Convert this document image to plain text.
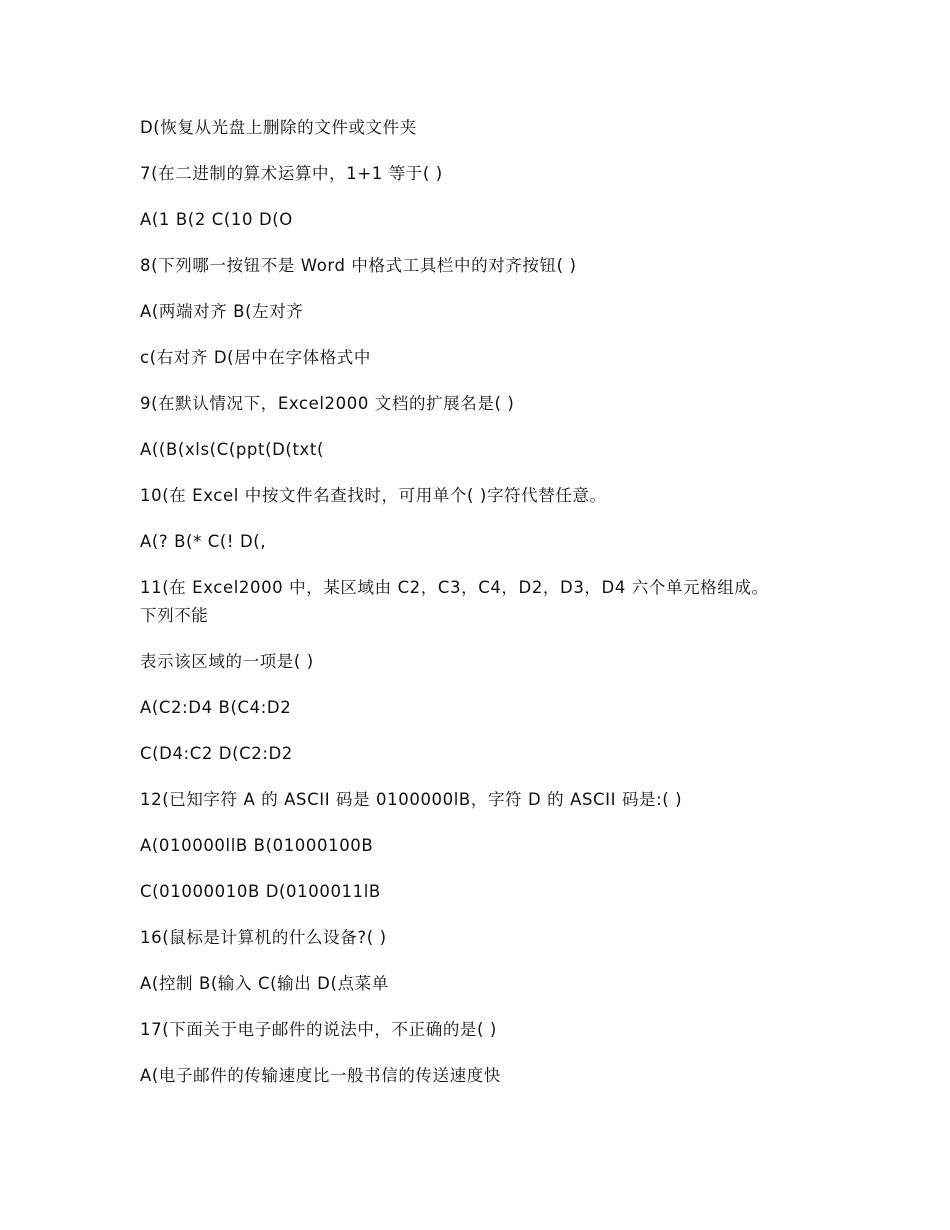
D(恢复从光盘上删除的文件或文件夹
7(在二进制的算术运算中，1+1 等于( )
A(1 B(2 C(10 D(O
8(下列哪一按钮不是 Word 中格式工具栏中的对齐按钮( )
A(两端对齐 B(左对齐
c(右对齐 D(居中在字体格式中
9(在默认情况下，Excel2000 文档的扩展名是( )
A((B(xls(C(ppt(D(txt(
10(在 Excel 中按文件名查找时，可用单个( )字符代替任意。
A(? B(* C(! D(,
11(在 Excel2000 中，某区域由 C2，C3，C4，D2，D3，D4 六个单元格组成。
下列不能
表示该区域的一项是( )
A(C2:D4 B(C4:D2
C(D4:C2 D(C2:D2
12(已知字符 A 的 ASCII 码是 0100000lB，字符 D 的 ASCII 码是:( )
A(010000llB B(01000100B
C(01000010B D(0100011lB
16(鼠标是计算机的什么设备?( )
A(控制 B(输入 C(输出 D(点菜单
17(下面关于电子邮件的说法中，不正确的是( )
A(电子邮件的传输速度比一般书信的传送速度快
